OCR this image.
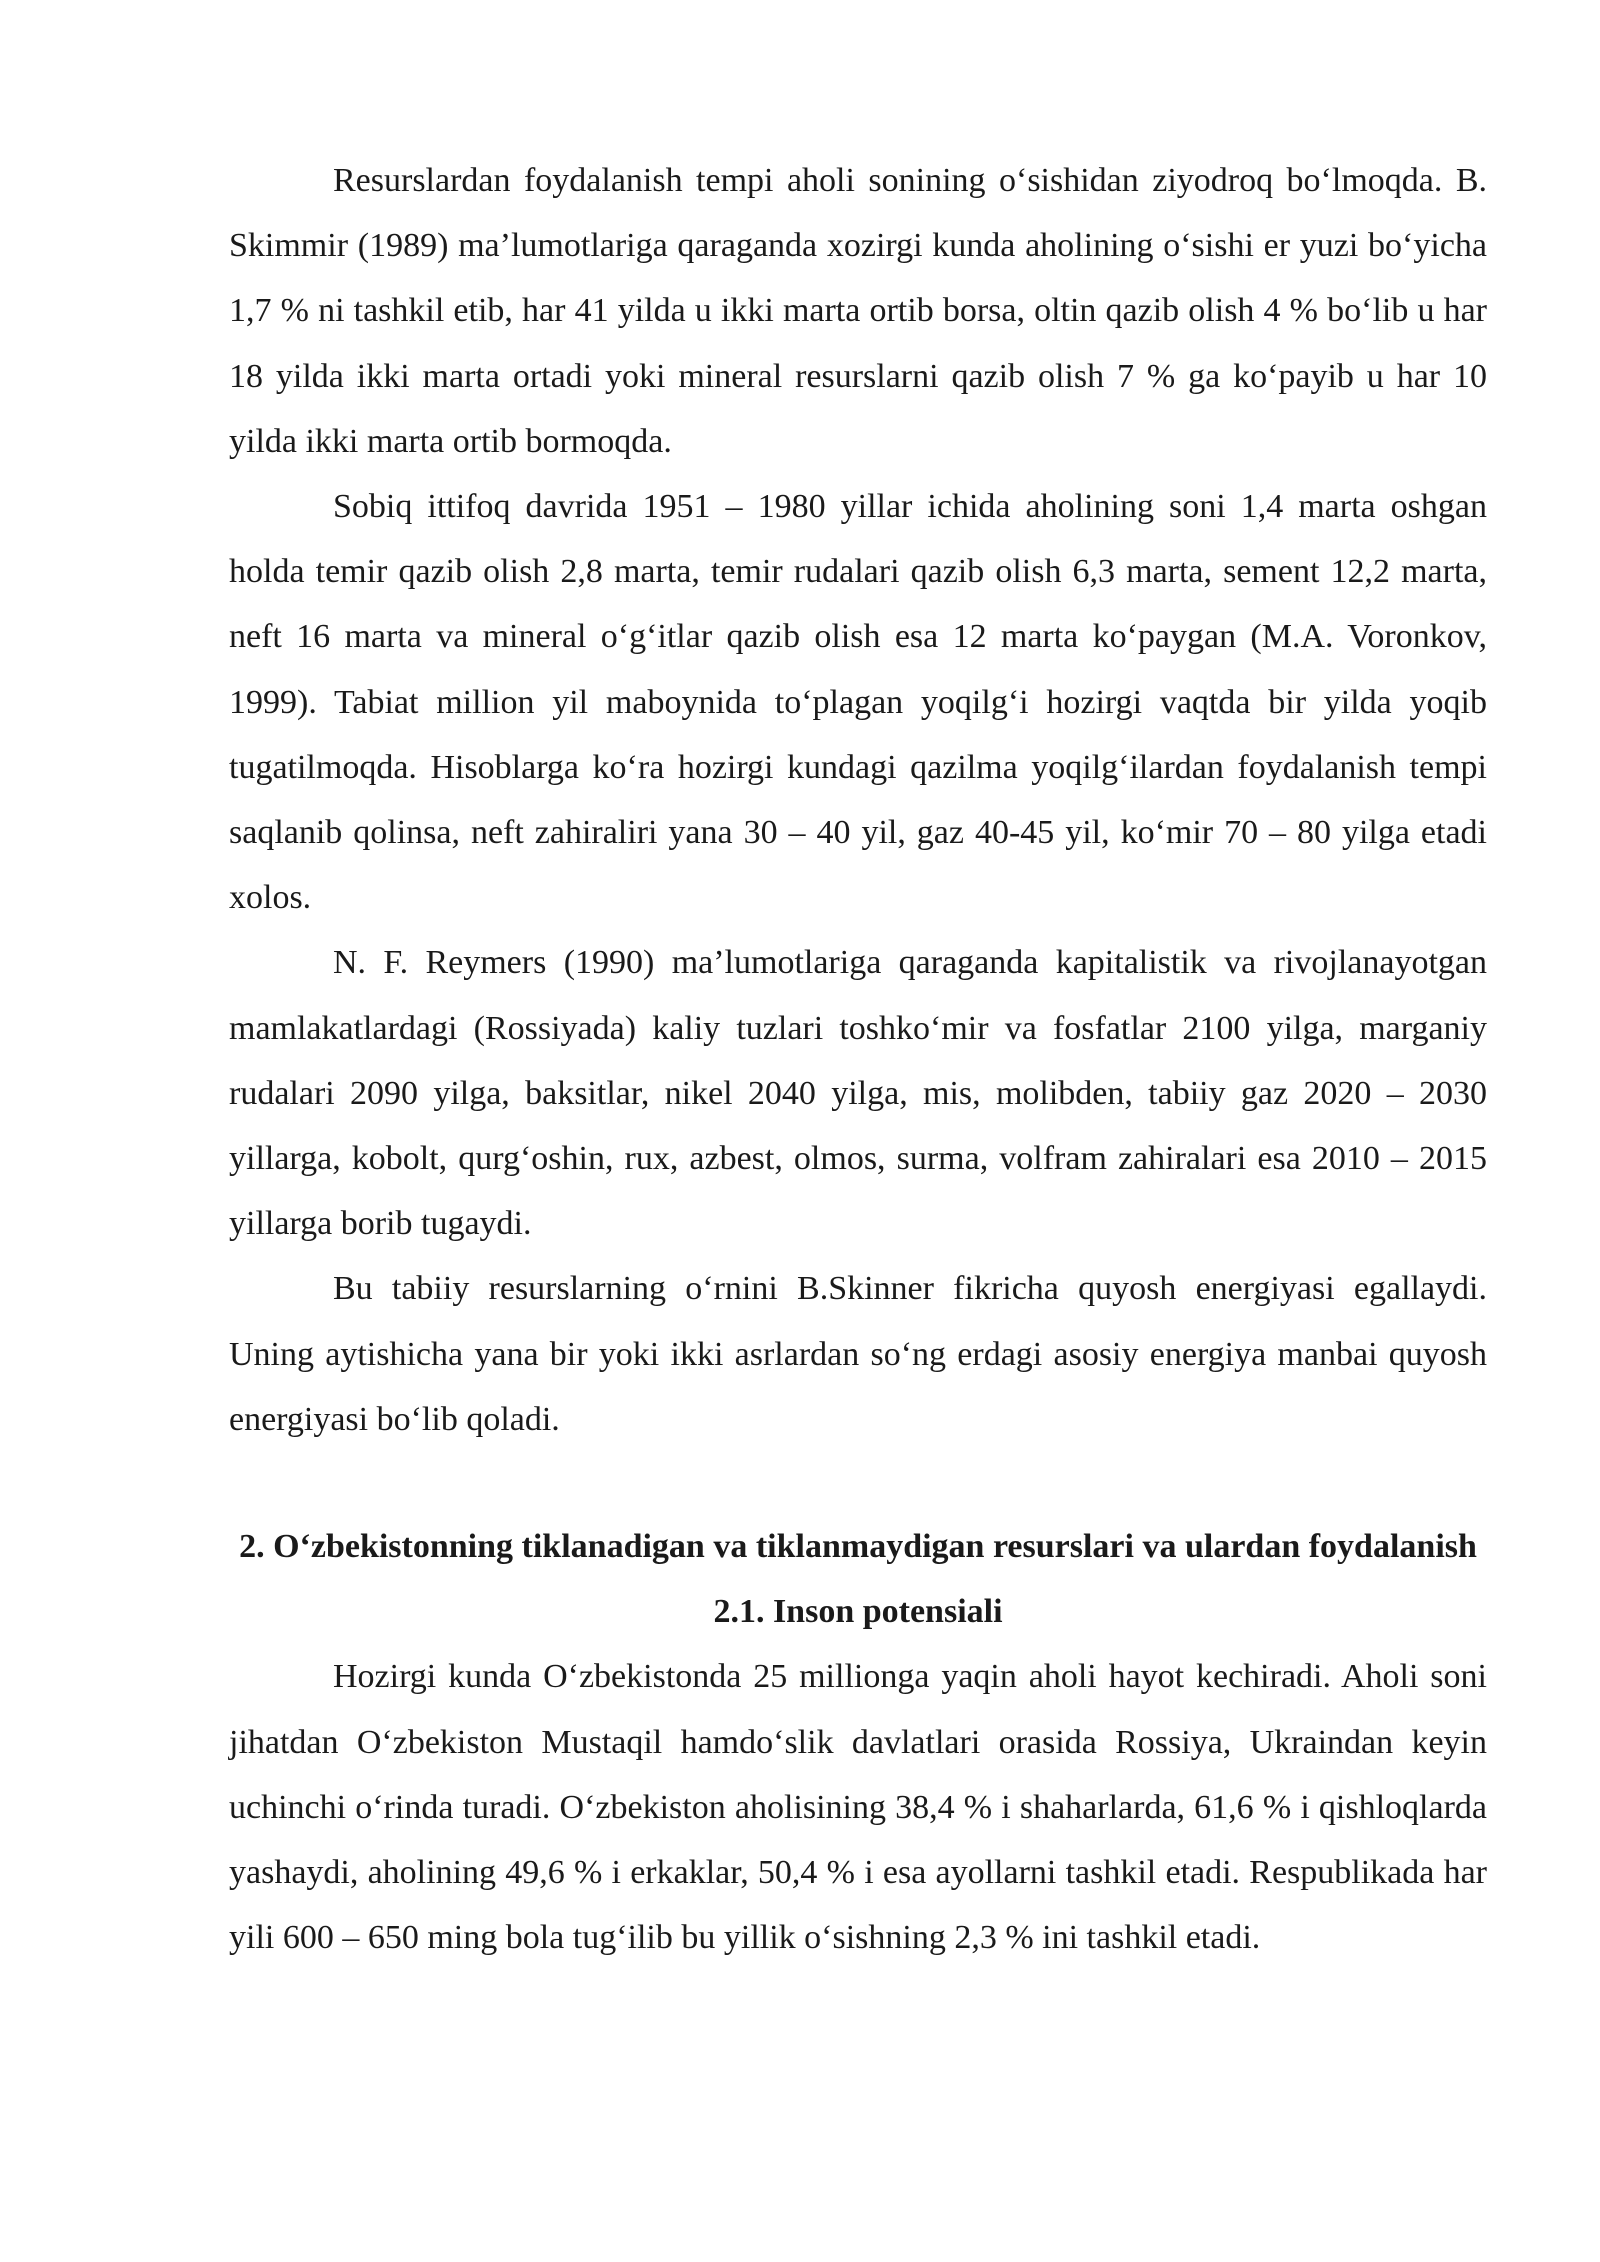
Resurslardan foydalanish tempi aholi sonining o‘sishidan ziyodroq bo‘lmoqda. B. Skimmir (1989) ma’lumotlariga qaraganda xozirgi kunda aholining o‘sishi er yuzi bo‘yicha 1,7 % ni tashkil etib, har 41 yilda u ikki marta ortib borsa, oltin qazib olish 4 % bo‘lib u har 18 yilda ikki marta ortadi yoki mineral resurslarni qazib olish 7 % ga ko‘payib u har 10 yilda ikki marta ortib bormoqda.

Sobiq ittifoq davrida 1951 – 1980 yillar ichida aholining soni 1,4 marta oshgan holda temir qazib olish 2,8 marta, temir rudalari qazib olish 6,3 marta, sement 12,2 marta, neft 16 marta va mineral o‘g‘itlar qazib olish esa 12 marta ko‘paygan (M.A. Voronkov, 1999). Tabiat million yil maboynida to‘plagan yoqilg‘i hozirgi vaqtda bir yilda yoqib tugatilmoqda. Hisoblarga ko‘ra hozirgi kundagi qazilma yoqilg‘ilardan foydalanish tempi saqlanib qolinsa, neft zahiraliri yana 30 – 40 yil, gaz 40-45 yil, ko‘mir 70 – 80 yilga etadi xolos.

N. F. Reymers (1990) ma’lumotlariga qaraganda kapitalistik va rivojlanayotgan mamlakatlardagi (Rossiyada) kaliy tuzlari toshko‘mir va fosfatlar 2100 yilga, marganiy rudalari 2090 yilga, baksitlar, nikel 2040 yilga, mis, molibden, tabiiy gaz 2020 – 2030 yillarga, kobolt, qurg‘oshin, rux, azbest, olmos, surma, volfram zahiralari esa 2010 – 2015 yillarga borib tugaydi.

Bu tabiiy resurslarning o‘rnini B.Skinner fikricha quyosh energiyasi egallaydi. Uning aytishicha yana bir yoki ikki asrlardan so‘ng erdagi asosiy energiya manbai quyosh energiyasi bo‘lib qoladi.

2. O‘zbekistonning tiklanadigan va tiklanmaydigan resurslari va ulardan foydalanish
2.1. Inson potensiali

Hozirgi kunda O‘zbekistonda 25 millionga yaqin aholi hayot kechiradi. Aholi soni jihatdan O‘zbekiston Mustaqil hamdo‘slik davlatlari orasida Rossiya, Ukraindan keyin uchinchi o‘rinda turadi. O‘zbekiston aholisining 38,4 % i shaharlarda, 61,6 % i qishloqlarda yashaydi, aholining 49,6 % i erkaklar, 50,4 % i esa ayollarni tashkil etadi. Respublikada har yili 600 – 650 ming bola tug‘ilib bu yillik o‘sishning 2,3 % ini tashkil etadi.
